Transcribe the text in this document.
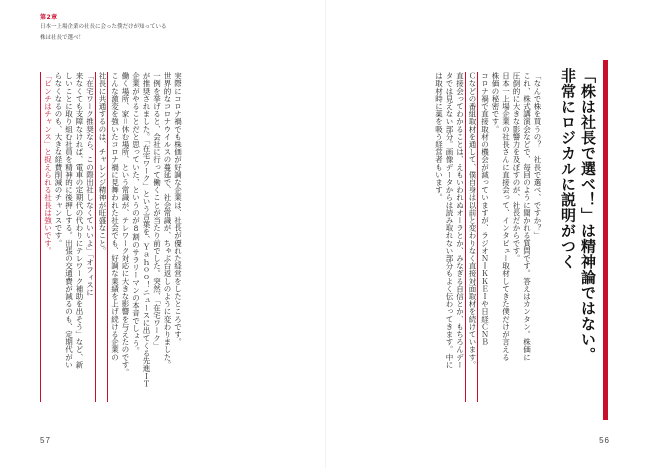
第2章
日本一上場企業の社長に会った僕だけが知っている
株は社長で選べ！
「株は社長で選べ！」は精神論ではない。
非常にロジカルに説明がつく
「なんで株を買うの？　社長で選べ、ですか？」
これ、株式講演会などで、毎回のように聞かれる質問です。答えはカンタン。株価に
圧倒的に大きな影響力を及ぼすのが、社長だからです。
日本一上場企業の社長さんに直接会って、インタビュー取材してきた僕だけが言える
株価の秘密です。
コロナ禍で直接取材の機会が減っていますが、ラジオＮＩＫＫＥＩや日経ＣＮＢ
Ｃなどの番組取材を通して、僕自身は以前と変わりなく直接対面取材を続けています。
直接会ってわかることは、えもいわれぬオーラとか、みなぎる自信とか、もちろんデー
タでは見えない部分。画像データからは読み取れない部分もよく伝わってきます。中に
は取材時に薬を吸う経営者もいます。
実際にコロナ禍でも株価が好調な企業は、社長が優れた経営をしたところです。
世界的なコロナウイルスの蔓延で、社会常識が、ちゃぶ台返しのように変わりました。
一例を挙げると、会社に行って働くことが当たり前でした。突然、「在宅ワーク」
が推奨されました。「在宅ワーク」という言葉を、Ｙａｈｏｏ！ニュースに出てくる先進ＩＴ
企業がやることだと思っていた、というのが8割のサラリーマンの本音でしょう。
働く場所、家＝休む場所、という常識が、テレワーク対応に大きな影響を与えたのです。
こんな激変を強いたコロナ禍に見舞われた社会でも、好調な業績を上げ続ける企業の
社長に共通するのは、チャレンジ精神が旺盛なこと。
「在宅ワーク推奨なら、この際出社しなくていいよ」「オフィスに
来なくても支障なければ、電車の定期代の代わりにテレワーク補助を出そう」など、新
しいことに取り組む社員を精神的に後押しする。出張の交通費が減るのも、定期代がい
らなくなるのも、大きな経費削減のチャンスです。
「ピンチはチャンス」と捉えられる社長は強いです。
57	56
